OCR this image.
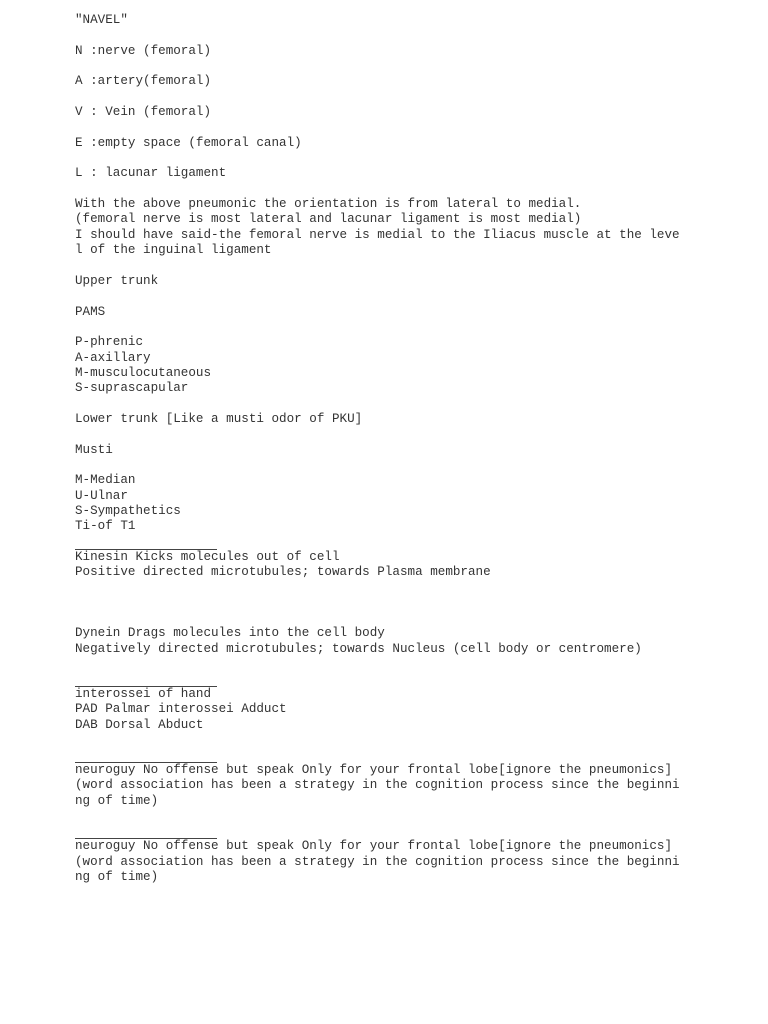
"NAVEL"
N :nerve (femoral)
A :artery(femoral)
V : Vein (femoral)
E :empty space (femoral canal)
L : lacunar ligament
With the above pneumonic the orientation is from lateral to medial.
(femoral nerve is most lateral and lacunar ligament is most medial)
I should have said-the femoral nerve is medial to the Iliacus muscle at the leve
l of the inguinal ligament
Upper trunk
PAMS
P-phrenic
A-axillary
M-musculocutaneous
S-suprascapular
Lower trunk [Like a musti odor of PKU]
Musti
M-Median
U-Ulnar
S-Sympathetics
Ti-of T1
Kinesin Kicks molecules out of cell
Positive directed microtubules; towards Plasma membrane
Dynein Drags molecules into the cell body
Negatively directed microtubules; towards Nucleus (cell body or centromere)
interossei of hand
PAD Palmar interossei Adduct
DAB Dorsal Abduct
neuroguy No offense but speak Only for your frontal lobe[ignore the pneumonics]
(word association has been a strategy in the cognition process since the beginni
ng of time)
neuroguy No offense but speak Only for your frontal lobe[ignore the pneumonics]
(word association has been a strategy in the cognition process since the beginni
ng of time)
